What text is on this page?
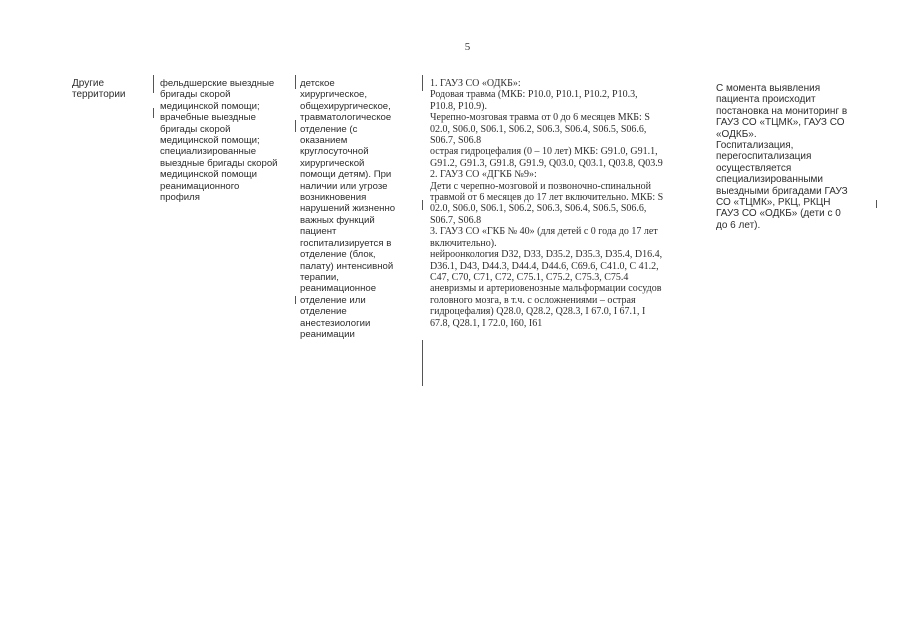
5
Другие
территории
фельдшерские выездные
бригады скорой
медицинской помощи;
врачебные выездные
бригады скорой
медицинской помощи;
специализированные
выездные бригады скорой
медицинской помощи
реанимационного
профиля
детское
хирургическое,
общехирургическое,
травматологическое
отделение (с
оказанием
круглосуточной
хирургической
помощи детям). При
наличии или угрозе
возникновения
нарушений жизненно
важных функций
пациент
госпитализируется в
отделение (блок,
палату) интенсивной
терапии,
реанимационное
отделение или
отделение
анестезиологии
реанимации
1. ГАУЗ СО «ОДКБ»:
Родовая травма (МКБ: Р10.0, Р10.1, Р10.2, Р10.3,
Р10.8, Р10.9).
Черепно-мозговая травма от 0 до 6 месяцев МКБ: S
02.0, S06.0, S06.1, S06.2, S06.3, S06.4, S06.5, S06.6,
S06.7, S06.8
острая гидроцефалия (0 – 10 лет) МКБ: G91.0, G91.1,
G91.2, G91.3, G91.8, G91.9, Q03.0, Q03.1, Q03.8, Q03.9
2. ГАУЗ СО «ДГКБ №9»:
Дети с черепно-мозговой и позвоночно-спинальной
травмой от 6 месяцев до 17 лет включительно. МКБ: S
02.0, S06.0, S06.1, S06.2, S06.3, S06.4, S06.5, S06.6,
S06.7, S06.8
3. ГАУЗ СО «ГКБ № 40» (для детей с 0 года до 17 лет
включительно).
нейроонкология D32, D33, D35.2, D35.3, D35.4, D16.4,
D36.1, D43, D44.3, D44.4, D44.6, C69.6, C41.0, C 41.2,
C47, C70, C71, C72, C75.1, C75.2, C75.3, C75.4
аневризмы и артериовенозные мальформации сосудов
головного мозга, в т.ч. с осложнениями – острая
гидроцефалия) Q28.0, Q28.2, Q28.3, I 67.0, I 67.1, I
67.8, Q28.1, I 72.0, I60, I61
С момента выявления
пациента происходит
постановка на мониторинг в
ГАУЗ СО «ТЦМК», ГАУЗ СО
«ОДКБ».
Госпитализация,
перегоспитализация
осуществляется
специализированными
выездными бригадами ГАУЗ
СО «ТЦМК», РКЦ, РКЦН
ГАУЗ СО «ОДКБ» (дети с 0
до 6 лет).
